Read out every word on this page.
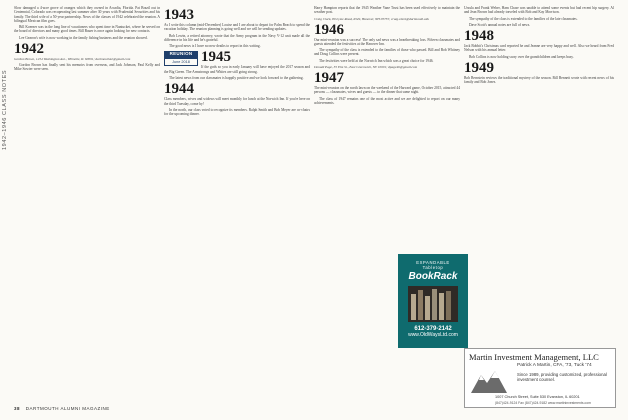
1942–1946 CLASS NOTES

Slow damaged a 4-acre grove of oranges which they owned in Arcadia, Florida. Pat Brazil out in Centennial, Colorado was recuperating last summer after 30 years with Prudential Securities and his family. The third wife of a 50-year partnership. News of the classes of 1942 celebrated the reunion. A bilingual Mexican film goes.

Bill Koerner was in the long line of vacationers who spent time in Nantucket, where he served on the board of directors and many good times. Bill Bauer is once again looking for new contacts.

Lee Gearon's wife is now working in the family fishing business and the reunion showed.

1942

Gordon Brown, 1234 Washington Ave., Wilmette, IL 60091; dartmouth42@gmail.com

Gordon Brown has finally sent his memoirs from overseas, and Jack Johnson, Paul Kelly and Mike Sowter were seen.

1943

As I write this column (mid-December) Louise and I are about to depart for Palm Beach to spend the vacation holiday. The reunion planning is going well and we will be sending updates.

Bob Lewin, a retired attorney, wrote that the Army program in the Navy V-12 unit made all the difference in his life and he's grateful.

The good news is I have no new deaths to report in this writing.

REUNION
June 2018 1945

If the gods so you in early January will have enjoyed the 2017 season and the Big Green. The Armstrongs and Whites are still going strong.

The latest news from our classmates is happily positive and we look forward to the gathering.

1944

Class members, wives and widows will meet monthly for lunch at the Norwich Inn. If you're here on the third Tuesday, come by!

In the north, our class voted to recognize its members. Ralph Smith and Bob Meyer are co-chairs for the upcoming dinner.

Harry Hampton reports that the 1945 Weather Vane Trust has been used effectively to maintain the weather post.

Craig Clark, 80 Lyme Road, #349, Hanover, NH 03755; craig.clark@dartmouth.edu

1946

Our mini-reunion was a success! The only sad news was a heartbreaking loss. Fifteen classmates and guests attended the festivities at the Hanover Inn.

The sympathy of the class is extended to the families of those who passed. Bill and Bob Whitney and Doug Collins were present.

The festivities were held at the Norwich Inn which was a great choice for 1946.

Donald Page, 35 Elm St., East Greenwich, NY 10001; dpage46@gmail.com

1947

The mini-reunion on the north lawn on the weekend of the Harvard game, October 2015, attracted 44 persons — classmates, wives and guests — to the dinner that same night.

The class of 1947 remains one of the most active and we are delighted to report on our many achievements.

Ursula and Frank Weber, Ham Chase was unable to attend some events but had recent hip surgery. Al and Jean Brown had already traveled with Bob and Kay Morrison.

The sympathy of the class is extended to the families of the late classmates.

Dave Scott's annual notes are full of news.

1948

Jack Bobbit's Christmas card reported he and Jeanne are very happy and well. Also we heard from Fred Nelson with his annual letter.

Bob Collins is now holding sway over the grandchildren and keeps busy.

1949

Bob Bernstein reviews the traditional mystery of the season. Bill Bennett wrote with recent news of his family and Bob Jones.

EXPANDABLE
Tabletop
BookRack
612-379-2142
www.OldWaysLtd.com
Martin Investment Management, LLC
Patrick A Martin, CFA, '73, Tuck '74
Since 1989, providing customized, professional investment counsel.
1007 Church Street, Suite 530 Evanston, IL 60201
(847)424-9124 Fax (847)424-9182 www.martininvestments.com
38 DARTMOUTH ALUMNI MAGAZINE
